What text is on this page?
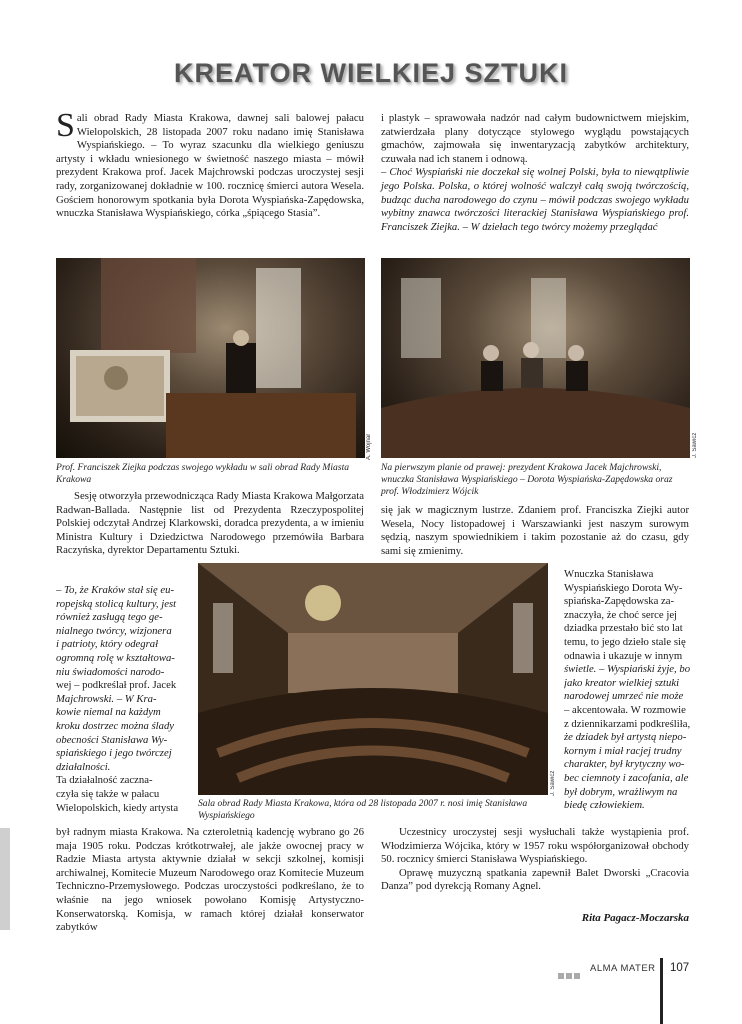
KREATOR WIELKIEJ SZTUKI

Sali obrad Rady Miasta Krakowa, dawnej sali balowej pałacu Wielopolskich, 28 listopada 2007 roku nadano imię Stanisława Wyspiańskiego. – To wyraz szacunku dla wielkiego geniuszu artysty i wkładu wniesionego w świetność naszego miasta – mówił prezydent Krakowa prof. Jacek Majchrowski podczas uroczystej sesji rady, zorganizowanej dokładnie w 100. rocznicę śmierci autora Wesela. Gościem honorowym spotkania była Dorota Wyspiańska-Zapędowska, wnuczka Stanisława Wyspiańskiego, córka „śpiącego Stasia”.

i plastyk – sprawowała nadzór nad całym budownictwem miejskim, zatwierdzała plany dotyczące stylowego wyglądu powstających gmachów, zajmowała się inwentaryzacją zabytków architektury, czuwała nad ich stanem i odnową.

– Choć Wyspiański nie doczekał się wolnej Polski, była to niewątpliwie jego Polska. Polska, o której wolność walczył całą swoją twórczością, budząc ducha narodowego do czynu – mówił podczas swojego wykładu wybitny znawca twórczości literackiej Stanisława Wyspiańskiego prof. Franciszek Ziejka. – W dziełach tego twórcy możemy przeglądać

A. Wojnar
Prof. Franciszek Ziejka podczas swojego wykładu w sali obrad Rady Miasta Krakowa
J. Sawicz
Na pierwszym planie od prawej: prezydent Krakowa Jacek Majchrowski, wnuczka Stanisława Wyspiańskiego – Dorota Wyspiańska-Zapędowska oraz prof. Włodzimierz Wójcik

Sesję otworzyła przewodnicząca Rady Miasta Krakowa Małgorzata Radwan-Ballada. Następnie list od Prezydenta Rzeczypospolitej Polskiej odczytał Andrzej Klarkowski, doradca prezydenta, a w imieniu Ministra Kultury i Dziedzictwa Narodowego przemówiła Barbara Raczyńska, dyrektor Departamentu Sztuki.

– To, że Kraków stał się eu-
ropejską stolicą kultury, jest
również zasługą tego ge-
nialnego twórcy, wizjonera
i patrioty, który odegrał
ogromną rolę w kształtowa-
niu świadomości narodo-
wej – podkreślał prof. Jacek
Majchrowski. – W Kra-
kowie niemal na każdym
kroku dostrzec można ślady
obecności Stanisława Wy-
spiańskiego i jego twórczej
działalności.
Ta działalność zaczna-
czyła się także w pałacu
Wielopolskich, kiedy artysta

był radnym miasta Krakowa. Na czteroletnią kadencję wybrano go 26 maja 1905 roku. Podczas krótkotrwałej, ale jakże owocnej pracy w Radzie Miasta artysta aktywnie działał w sekcji szkolnej, komisji archiwalnej, Komitecie Muzeum Narodowego oraz Komitecie Muzeum Techniczno-Przemysłowego. Podczas uroczystości podkreślano, że to właśnie na jego wniosek powołano Komisję Artystyczno-Konserwatorską. Komisja, w ramach której działał konserwator zabytków

J. Sawicz
Sala obrad Rady Miasta Krakowa, która od 28 listopada 2007 r. nosi imię Stanisława Wyspiańskiego

się jak w magicznym lustrze. Zdaniem prof. Franciszka Ziejki autor Wesela, Nocy listopadowej i Warszawianki jest naszym surowym sędzią, naszym spowiednikiem i takim pozostanie aż do czasu, gdy sami się zmienimy.

Wnuczka Stanisława
Wyspiańskiego Dorota Wy-
spiańska-Zapędowska za-
znaczyła, że choć serce jej
dziadka przestało bić sto lat
temu, to jego dzieło stale się
odnawia i ukazuje w innym
świetle. – Wyspiański żyje, bo
jako kreator wielkiej sztuki
narodowej umrzeć nie może
– akcentowała. W rozmowie
z dziennikarzami podkreśliła,
że dziadek był artystą niepo-
kornym i miał racjej trudny
charakter, był krytyczny wo-
bec ciemnoty i zacofania, ale
był dobrym, wrażliwym na
biedę człowiekiem.

Uczestnicy uroczystej sesji wysłuchali także wystąpienia prof. Włodzimierza Wójcika, który w 1957 roku współorganizował obchody 50. rocznicy śmierci Stanisława Wyspiańskiego.

Oprawę muzyczną spatkania zapewnił Balet Dworski „Cracovia Danza” pod dyrekcją Romany Agnel.

Rita Pagacz-Moczarska
ALMA MATER 107
